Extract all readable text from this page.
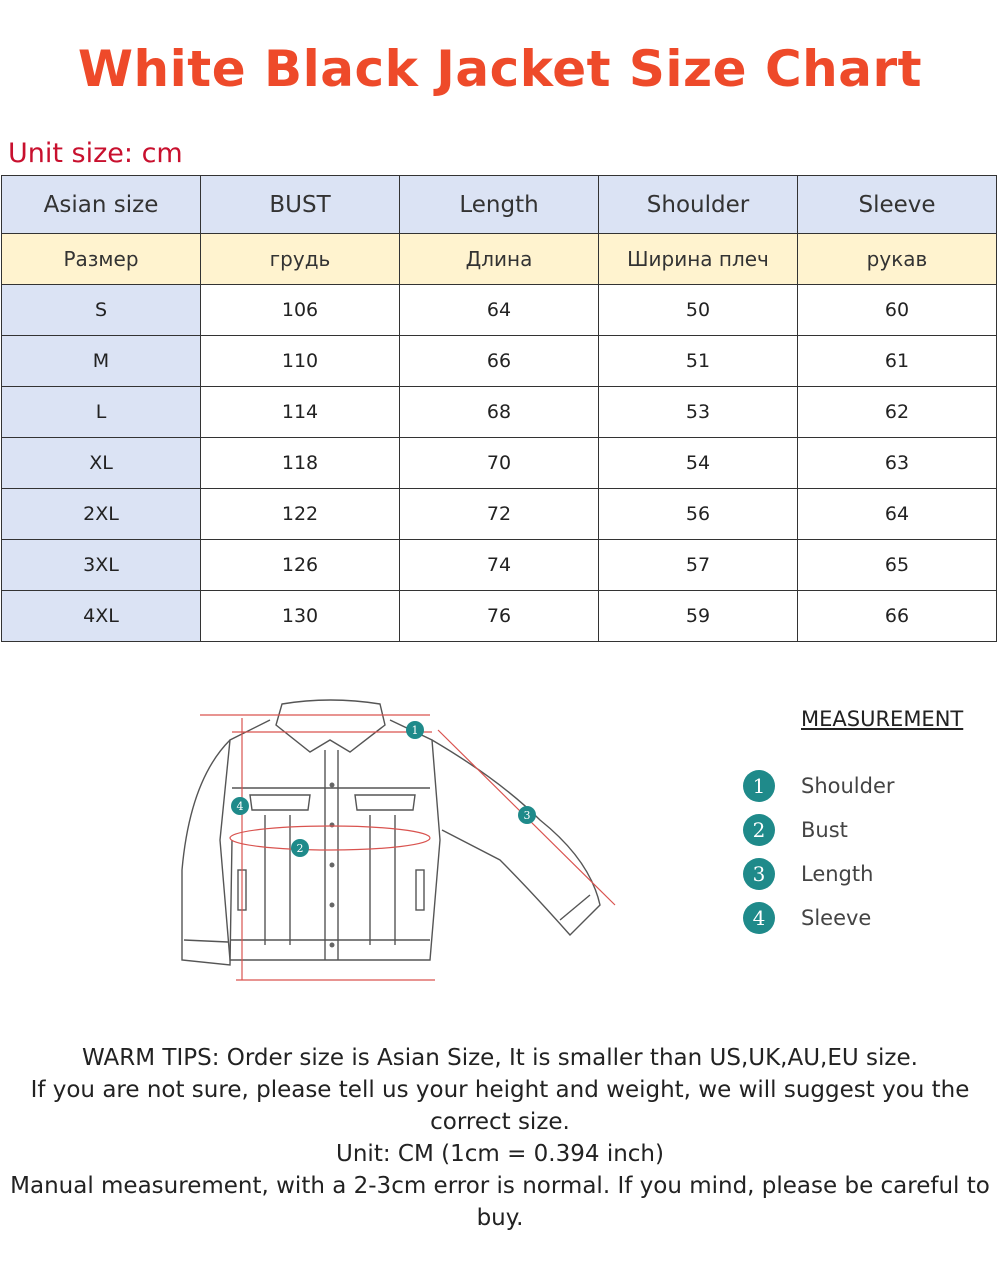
White Black Jacket Size Chart
Unit size: cm
Asian size	BUST	Length	Shoulder	Sleeve
Размер	грудь	Длина	Ширина плеч	рукав
S	106	64	50	60
M	110	66	51	61
L	114	68	53	62
XL	118	70	54	63
2XL	122	72	56	64
3XL	126	74	57	65
4XL	130	76	59	66
1
2
3
4
MEASUREMENT
1	Shoulder
2	Bust
3	Length
4	Sleeve
WARM TIPS: Order size is Asian Size, It is smaller than US,UK,AU,EU size.
If you are not sure, please tell us your height and weight, we will suggest you the correct size.
Unit: CM (1cm = 0.394 inch)
Manual measurement, with a 2-3cm error is normal. If you mind, please be careful to buy.
